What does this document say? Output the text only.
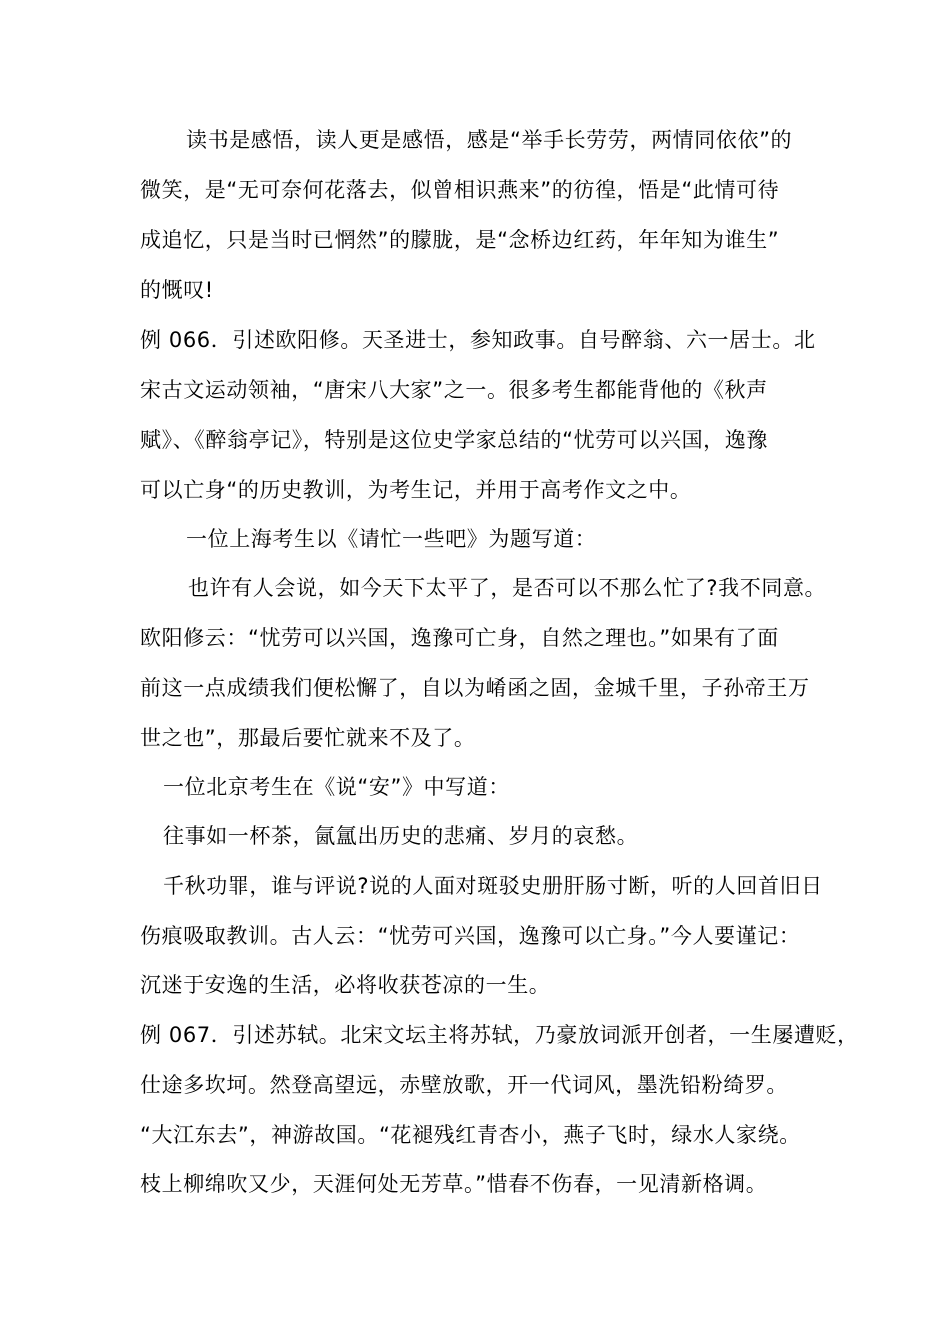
读书是感悟，读人更是感悟，感是“举手长劳劳，两情同依依”的
微笑，是“无可奈何花落去，似曾相识燕来”的彷徨，悟是“此情可待
成追忆，只是当时已惘然”的朦胧，是“念桥边红药，年年知为谁生”
的慨叹!
例 066．引述欧阳修。天圣进士，参知政事。自号醉翁、六一居士。北
宋古文运动领袖，“唐宋八大家”之一。很多考生都能背他的《秋声
赋》、《醉翁亭记》，特别是这位史学家总结的“忧劳可以兴国，逸豫
可以亡身“的历史教训，为考生记，并用于高考作文之中。
一位上海考生以《请忙一些吧》为题写道：
也许有人会说，如今天下太平了，是否可以不那么忙了?我不同意。
欧阳修云：“忧劳可以兴国，逸豫可亡身，自然之理也。”如果有了面
前这一点成绩我们便松懈了，自以为崤函之固，金城千里，子孙帝王万
世之也”，那最后要忙就来不及了。
一位北京考生在《说“安”》中写道：
往事如一杯茶，氤氲出历史的悲痛、岁月的哀愁。
千秋功罪，谁与评说?说的人面对斑驳史册肝肠寸断，听的人回首旧日
伤痕吸取教训。古人云：“忧劳可兴国，逸豫可以亡身。”今人要谨记：
沉迷于安逸的生活，必将收获苍凉的一生。
例 067．引述苏轼。北宋文坛主将苏轼，乃豪放词派开创者，一生屡遭贬，
仕途多坎坷。然登高望远，赤壁放歌，开一代词风，墨洗铅粉绮罗。
“大江东去”，神游故国。“花褪残红青杏小，燕子飞时，绿水人家绕。
枝上柳绵吹又少，天涯何处无芳草。”惜春不伤春，一见清新格调。
